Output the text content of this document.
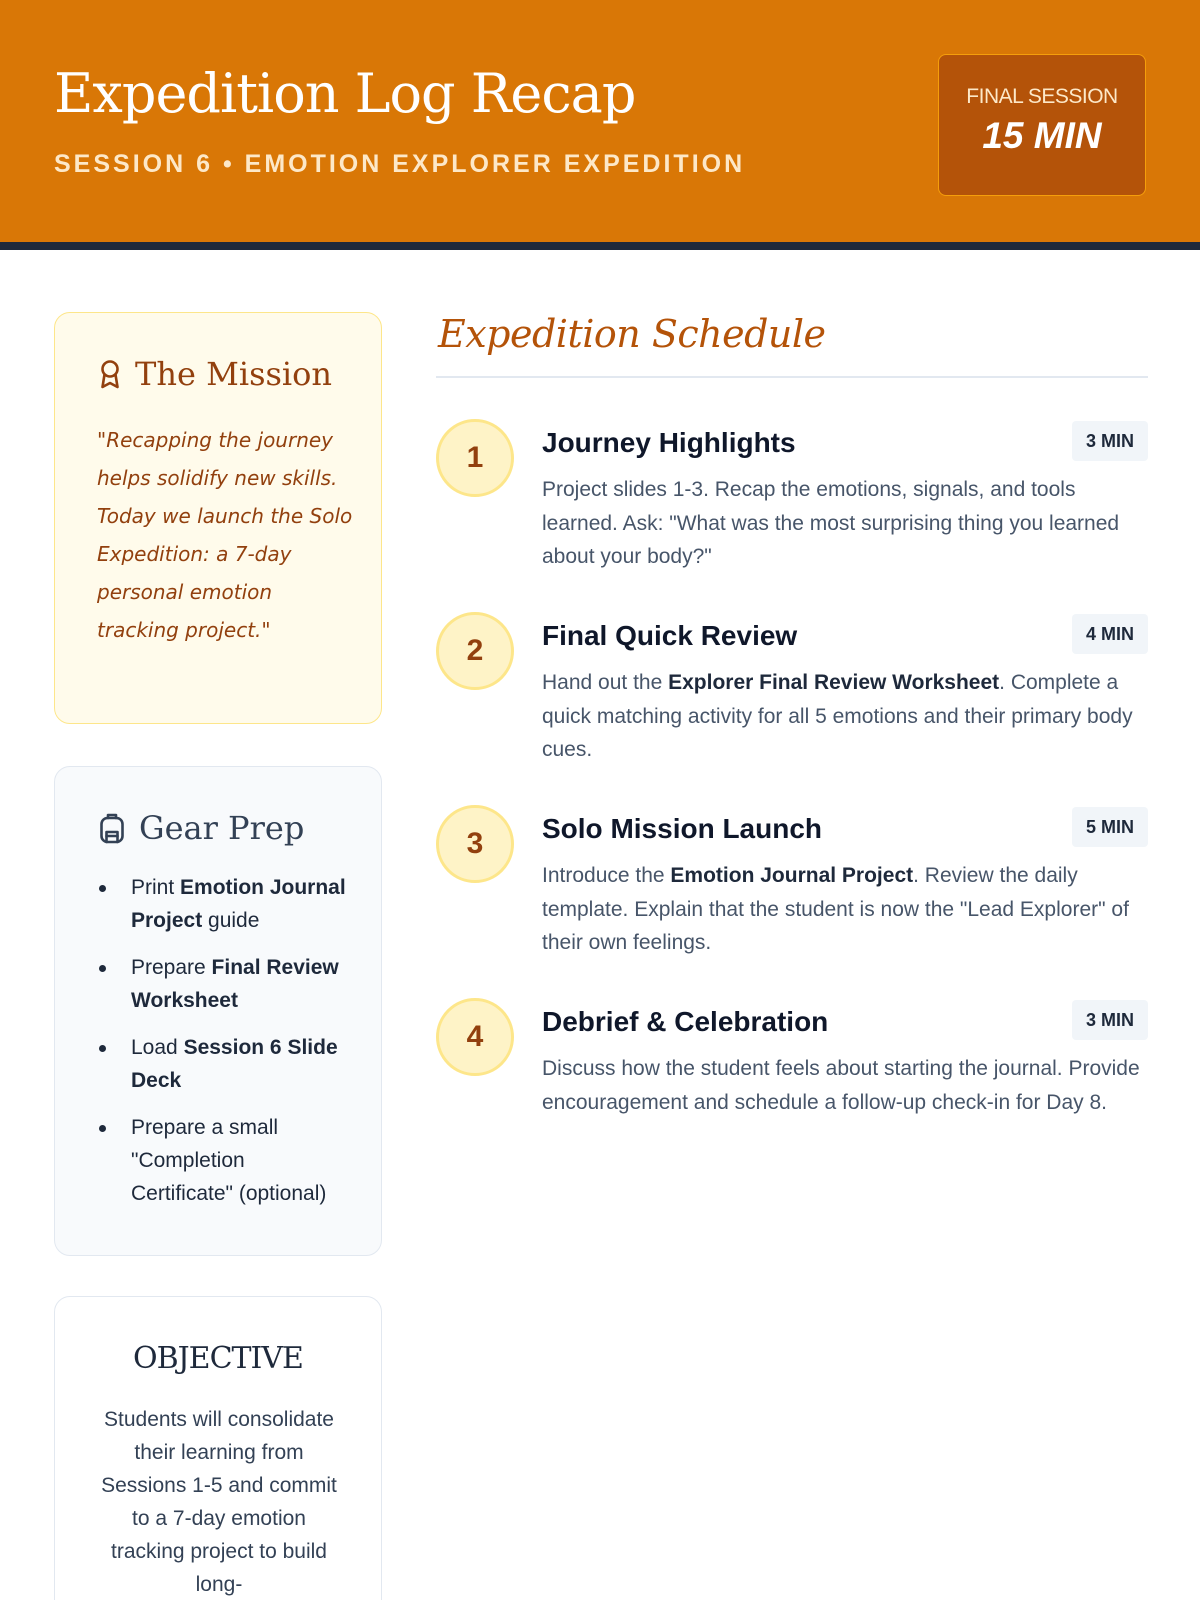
Expedition Log Recap
SESSION 6 • EMOTION EXPLORER EXPEDITION
FINAL SESSION
15 MIN
The Mission

"Recapping the journey helps solidify new skills. Today we launch the Solo Expedition: a 7-day personal emotion tracking project."

Gear Prep
Print Emotion Journal Project guide
Prepare Final Review Worksheet
Load Session 6 Slide Deck
Prepare a small "Completion Certificate" (optional)
OBJECTIVE

Students will consolidate their learning from Sessions 1-5 and commit to a 7-day emotion tracking project to build long-

Expedition Schedule
1	Journey Highlights	3 MIN

Project slides 1-3. Recap the emotions, signals, and tools learned. Ask: "What was the most surprising thing you learned about your body?"

2	Final Quick Review	4 MIN

Hand out the Explorer Final Review Worksheet. Complete a quick matching activity for all 5 emotions and their primary body cues.

3	Solo Mission Launch	5 MIN

Introduce the Emotion Journal Project. Review the daily template. Explain that the student is now the "Lead Explorer" of their own feelings.

4	Debrief & Celebration	3 MIN

Discuss how the student feels about starting the journal. Provide encouragement and schedule a follow-up check-in for Day 8.
